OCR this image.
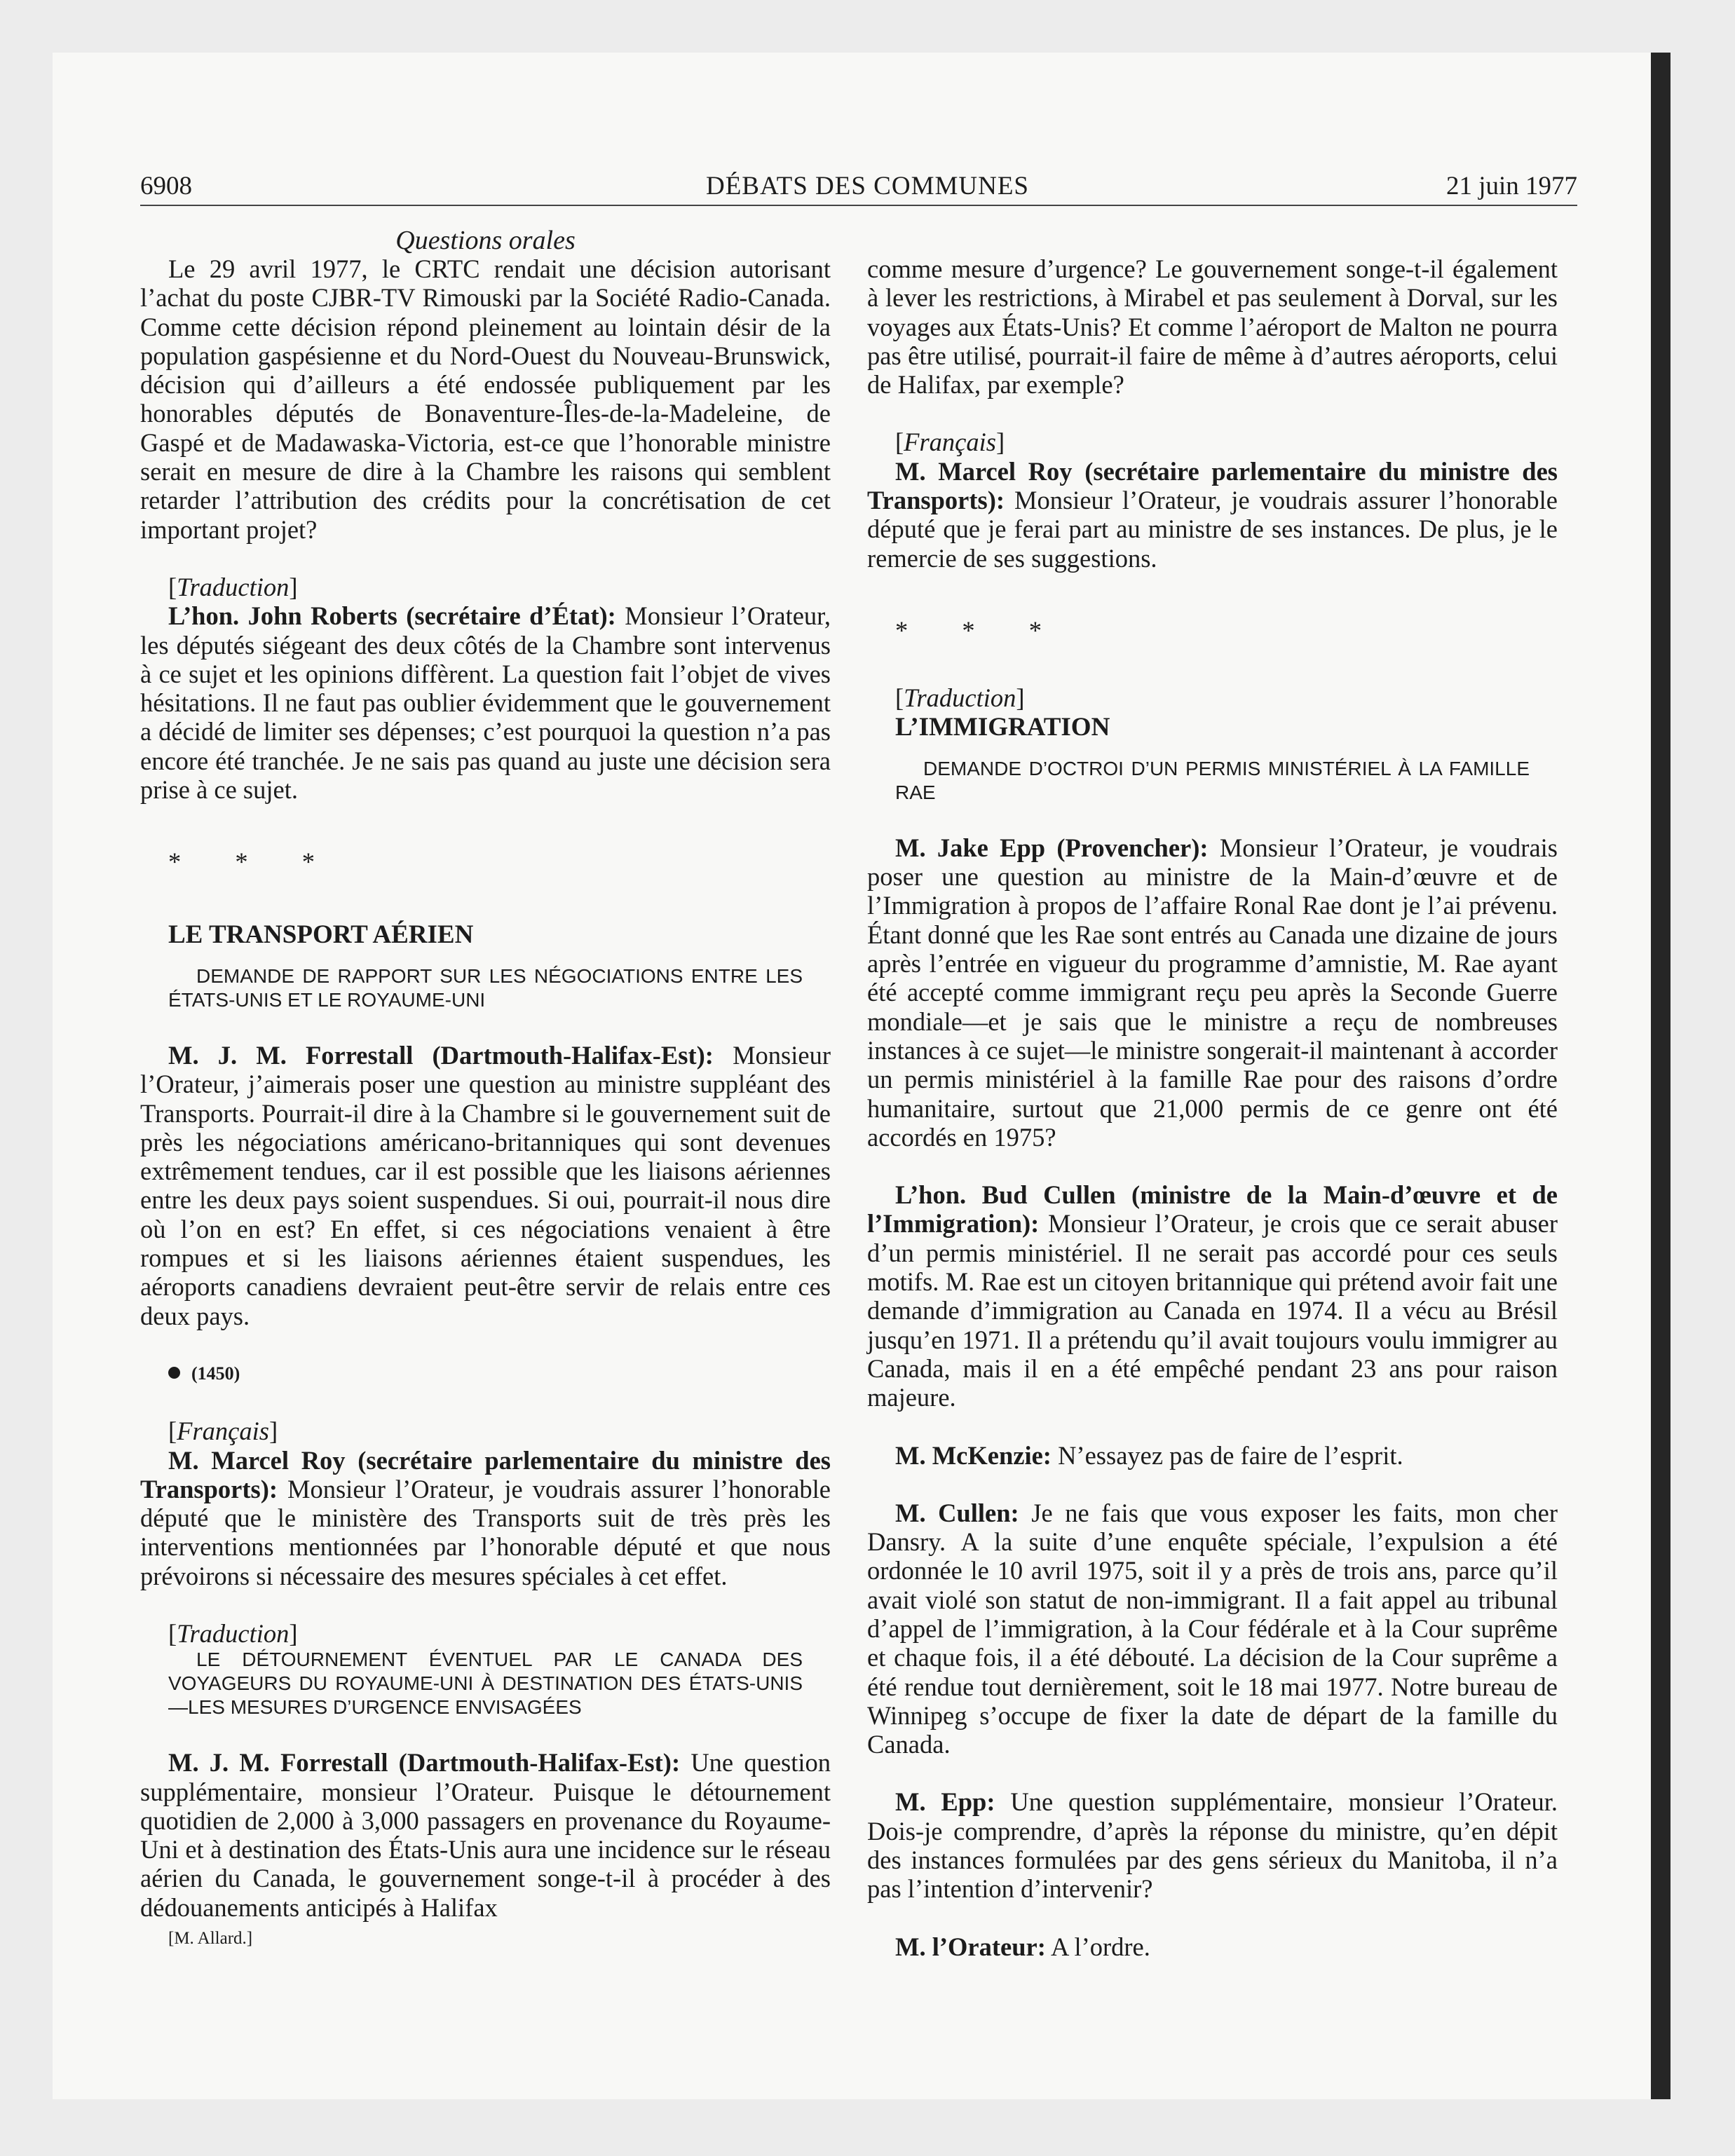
6908	DÉBATS DES COMMUNES	21 juin 1977
Questions orales

Le 29 avril 1977, le CRTC rendait une décision autorisant l’achat du poste CJBR-TV Rimouski par la Société Radio-Canada. Comme cette décision répond pleinement au lointain désir de la population gaspésienne et du Nord-Ouest du Nouveau-Brunswick, décision qui d’ailleurs a été endossée publiquement par les honorables députés de Bonaventure-Îles-de-la-Madeleine, de Gaspé et de Madawaska-Victoria, est-ce que l’honorable ministre serait en mesure de dire à la Chambre les raisons qui semblent retarder l’attribution des crédits pour la concrétisation de cet important projet?

[Traduction]

L’hon. John Roberts (secrétaire d’État): Monsieur l’Orateur, les députés siégeant des deux côtés de la Chambre sont intervenus à ce sujet et les opinions diffèrent. La question fait l’objet de vives hésitations. Il ne faut pas oublier évidemment que le gouvernement a décidé de limiter ses dépenses; c’est pourquoi la question n’a pas encore été tranchée. Je ne sais pas quand au juste une décision sera prise à ce sujet.

* * *

LE TRANSPORT AÉRIEN

DEMANDE DE RAPPORT SUR LES NÉGOCIATIONS ENTRE LES ÉTATS-UNIS ET LE ROYAUME-UNI

M. J. M. Forrestall (Dartmouth-Halifax-Est): Monsieur l’Orateur, j’aimerais poser une question au ministre suppléant des Transports. Pourrait-il dire à la Chambre si le gouvernement suit de près les négociations américano-britanniques qui sont devenues extrêmement tendues, car il est possible que les liaisons aériennes entre les deux pays soient suspendues. Si oui, pourrait-il nous dire où l’on en est? En effet, si ces négociations venaient à être rompues et si les liaisons aériennes étaient suspendues, les aéroports canadiens devraient peut-être servir de relais entre ces deux pays.

(1450)

[Français]

M. Marcel Roy (secrétaire parlementaire du ministre des Transports): Monsieur l’Orateur, je voudrais assurer l’honorable député que le ministère des Transports suit de très près les interventions mentionnées par l’honorable député et que nous prévoirons si nécessaire des mesures spéciales à cet effet.

[Traduction]

LE DÉTOURNEMENT ÉVENTUEL PAR LE CANADA DES VOYAGEURS DU ROYAUME-UNI À DESTINATION DES ÉTATS-UNIS—LES MESURES D’URGENCE ENVISAGÉES

M. J. M. Forrestall (Dartmouth-Halifax-Est): Une question supplémentaire, monsieur l’Orateur. Puisque le détournement quotidien de 2,000 à 3,000 passagers en provenance du Royaume-Uni et à destination des États-Unis aura une incidence sur le réseau aérien du Canada, le gouvernement songe-t-il à procéder à des dédouanements anticipés à Halifax

[M. Allard.]

comme mesure d’urgence? Le gouvernement songe-t-il également à lever les restrictions, à Mirabel et pas seulement à Dorval, sur les voyages aux États-Unis? Et comme l’aéroport de Malton ne pourra pas être utilisé, pourrait-il faire de même à d’autres aéroports, celui de Halifax, par exemple?

[Français]

M. Marcel Roy (secrétaire parlementaire du ministre des Transports): Monsieur l’Orateur, je voudrais assurer l’honorable député que je ferai part au ministre de ses instances. De plus, je le remercie de ses suggestions.

* * *

[Traduction]

L’IMMIGRATION

DEMANDE D’OCTROI D’UN PERMIS MINISTÉRIEL À LA FAMILLE RAE

M. Jake Epp (Provencher): Monsieur l’Orateur, je voudrais poser une question au ministre de la Main-d’œuvre et de l’Immigration à propos de l’affaire Ronal Rae dont je l’ai prévenu. Étant donné que les Rae sont entrés au Canada une dizaine de jours après l’entrée en vigueur du programme d’amnistie, M. Rae ayant été accepté comme immigrant reçu peu après la Seconde Guerre mondiale—et je sais que le ministre a reçu de nombreuses instances à ce sujet—le ministre songerait-il maintenant à accorder un permis ministériel à la famille Rae pour des raisons d’ordre humanitaire, surtout que 21,000 permis de ce genre ont été accordés en 1975?

L’hon. Bud Cullen (ministre de la Main-d’œuvre et de l’Immigration): Monsieur l’Orateur, je crois que ce serait abuser d’un permis ministériel. Il ne serait pas accordé pour ces seuls motifs. M. Rae est un citoyen britannique qui prétend avoir fait une demande d’immigration au Canada en 1974. Il a vécu au Brésil jusqu’en 1971. Il a prétendu qu’il avait toujours voulu immigrer au Canada, mais il en a été empêché pendant 23 ans pour raison majeure.

M. McKenzie: N’essayez pas de faire de l’esprit.

M. Cullen: Je ne fais que vous exposer les faits, mon cher Dansry. A la suite d’une enquête spéciale, l’expulsion a été ordonnée le 10 avril 1975, soit il y a près de trois ans, parce qu’il avait violé son statut de non-immigrant. Il a fait appel au tribunal d’appel de l’immigration, à la Cour fédérale et à la Cour suprême et chaque fois, il a été débouté. La décision de la Cour suprême a été rendue tout dernièrement, soit le 18 mai 1977. Notre bureau de Winnipeg s’occupe de fixer la date de départ de la famille du Canada.

M. Epp: Une question supplémentaire, monsieur l’Orateur. Dois-je comprendre, d’après la réponse du ministre, qu’en dépit des instances formulées par des gens sérieux du Manitoba, il n’a pas l’intention d’intervenir?

M. l’Orateur: A l’ordre.
